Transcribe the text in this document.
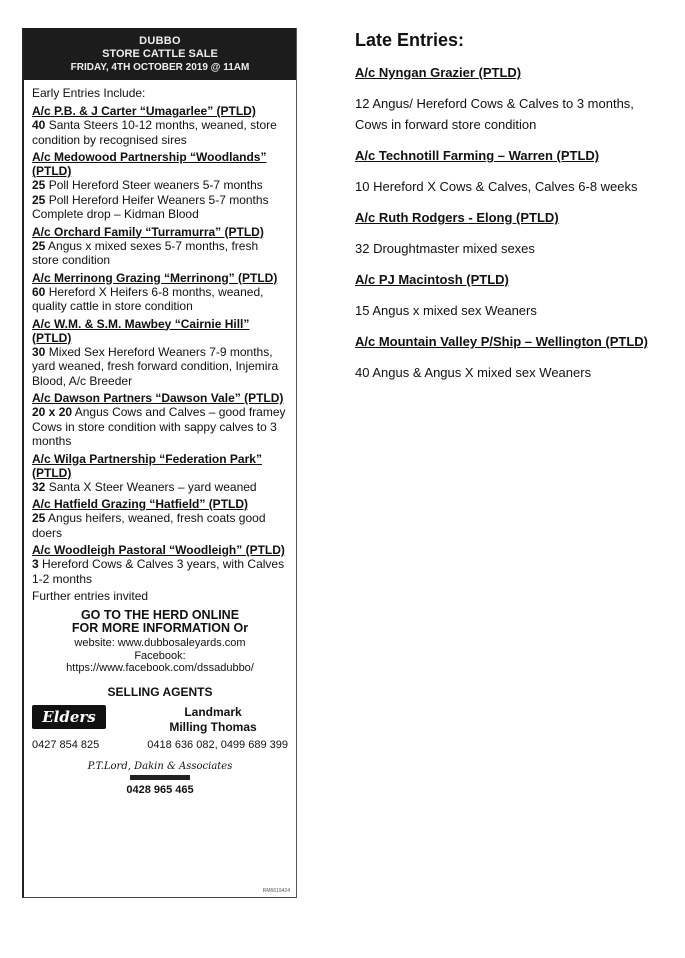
DUBBO
STORE CATTLE SALE
FRIDAY, 4TH OCTOBER 2019 @ 11AM
Early Entries Include:
A/c P.B. & J Carter “Umagarlee” (PTLD)
40 Santa Steers 10-12 months, weaned, store condition by recognised sires
A/c Medowood Partnership “Woodlands” (PTLD)
25 Poll Hereford Steer weaners 5-7 months
25 Poll Hereford Heifer Weaners 5-7 months
Complete drop – Kidman Blood
A/c Orchard Family “Turramurra” (PTLD)
25 Angus x mixed sexes 5-7 months, fresh store condition
A/c Merrinong Grazing “Merrinong” (PTLD)
60 Hereford X Heifers 6-8 months, weaned, quality cattle in store condition
A/c W.M. & S.M. Mawbey “Cairnie Hill” (PTLD)
30 Mixed Sex Hereford Weaners 7-9 months, yard weaned, fresh forward condition, Injemira Blood, A/c Breeder
A/c Dawson Partners “Dawson Vale” (PTLD)
20 x 20 Angus Cows and Calves – good framey Cows in store condition with sappy calves to 3 months
A/c Wilga Partnership “Federation Park” (PTLD)
32 Santa X Steer Weaners – yard weaned
A/c Hatfield Grazing “Hatfield” (PTLD)
25 Angus heifers, weaned, fresh coats good doers
A/c Woodleigh Pastoral “Woodleigh” (PTLD)
3 Hereford Cows & Calves 3 years, with Calves 1-2 months
Further entries invited
GO TO THE HERD ONLINE
FOR MORE INFORMATION Or
website: www.dubbosaleyards.com
Facebook:
https://www.facebook.com/dssadubbo/
SELLING AGENTS
Elders	Landmark
Milling Thomas
0427 854 825	0418 636 082, 0499 689 399
P.T.Lord, Dakin & Associates
0428 965 465
RM6619424
Late Entries:

A/c Nyngan Grazier (PTLD)

12 Angus/ Hereford Cows & Calves to 3 months, Cows in forward store condition

A/c Technotill Farming – Warren (PTLD)

10 Hereford X Cows & Calves, Calves 6-8 weeks

A/c Ruth Rodgers - Elong (PTLD)

32 Droughtmaster mixed sexes

A/c PJ Macintosh (PTLD)

15 Angus x mixed sex Weaners

A/c Mountain Valley P/Ship – Wellington (PTLD)

40 Angus & Angus X mixed sex Weaners
